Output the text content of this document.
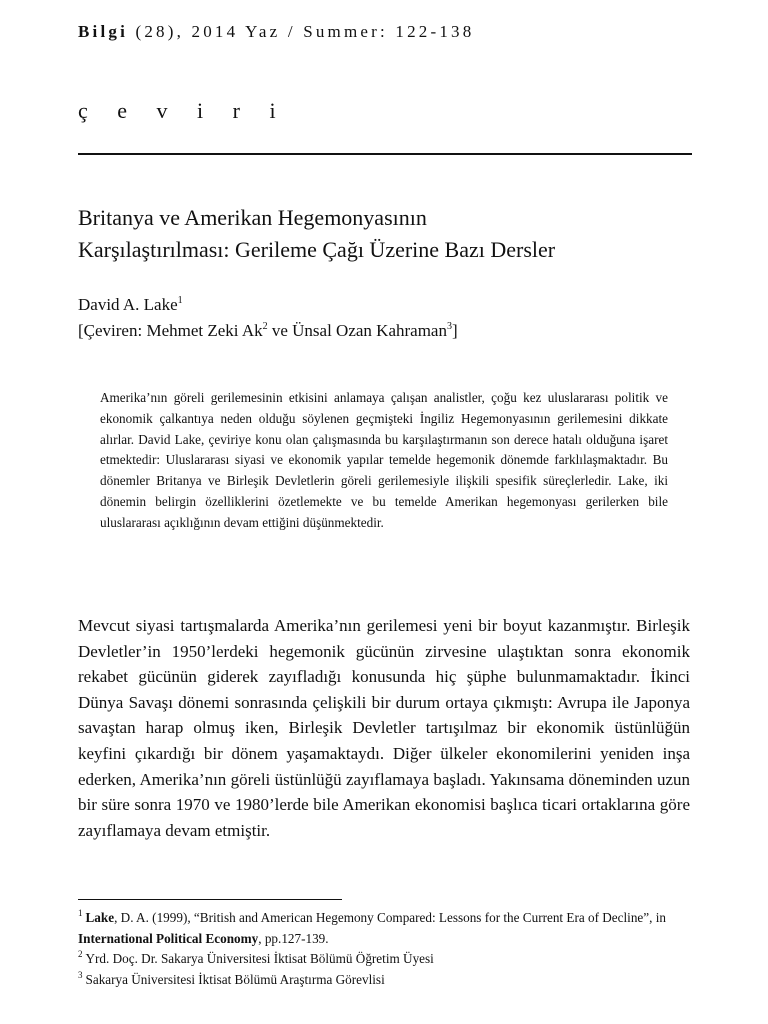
Bilgi (28), 2014 Yaz / Summer: 122-138
ç e v i r i
Britanya ve Amerikan Hegemonyasının
Karşılaştırılması: Gerileme Çağı Üzerine Bazı Dersler
David A. Lake$^1$
[Çeviren: Mehmet Zeki Ak$^2$ ve Ünsal Ozan Kahraman$^3$]

Amerika’nın göreli gerilemesinin etkisini anlamaya çalışan analistler, çoğu kez uluslararası politik ve ekonomik çalkantıya neden olduğu söylenen geçmişteki İngiliz Hegemonyasının gerilemesini dikkate alırlar. David Lake, çeviriye konu olan çalışmasında bu karşılaştırmanın son derece hatalı olduğuna işaret etmektedir: Uluslararası siyasi ve ekonomik yapılar temelde hegemonik dönemde farklılaşmaktadır. Bu dönemler Britanya ve Birleşik Devletlerin göreli gerilemesiyle ilişkili spesifik süreçlerledir. Lake, iki dönemin belirgin özelliklerini özetlemekte ve bu temelde Amerikan hegemonyası gerilerken bile uluslararası açıklığının devam ettiğini düşünmektedir.

Mevcut siyasi tartışmalarda Amerika’nın gerilemesi yeni bir boyut kazanmıştır. Birleşik Devletler’in 1950’lerdeki hegemonik gücünün zirvesine ulaştıktan sonra ekonomik rekabet gücünün giderek zayıfladığı konusunda hiç şüphe bulunmamaktadır. İkinci Dünya Savaşı dönemi sonrasında çelişkili bir durum ortaya çıkmıştı: Avrupa ile Japonya savaştan harap olmuş iken, Birleşik Devletler tartışılmaz bir ekonomik üstünlüğün keyfini çıkardığı bir dönem yaşamaktaydı. Diğer ülkeler ekonomilerini yeniden inşa ederken, Amerika’nın göreli üstünlüğü zayıflamaya başladı. Yakınsama döneminden uzun bir süre sonra 1970 ve 1980’lerde bile Amerikan ekonomisi başlıca ticari ortaklarına göre zayıflamaya devam etmiştir.

$^1$ Lake, D. A. (1999), “British and American Hegemony Compared: Lessons for the Current Era of Decline”, in International Political Economy, pp.127-139.
$^2$ Yrd. Doç. Dr. Sakarya Üniversitesi İktisat Bölümü Öğretim Üyesi
$^3$ Sakarya Üniversitesi İktisat Bölümü Araştırma Görevlisi
